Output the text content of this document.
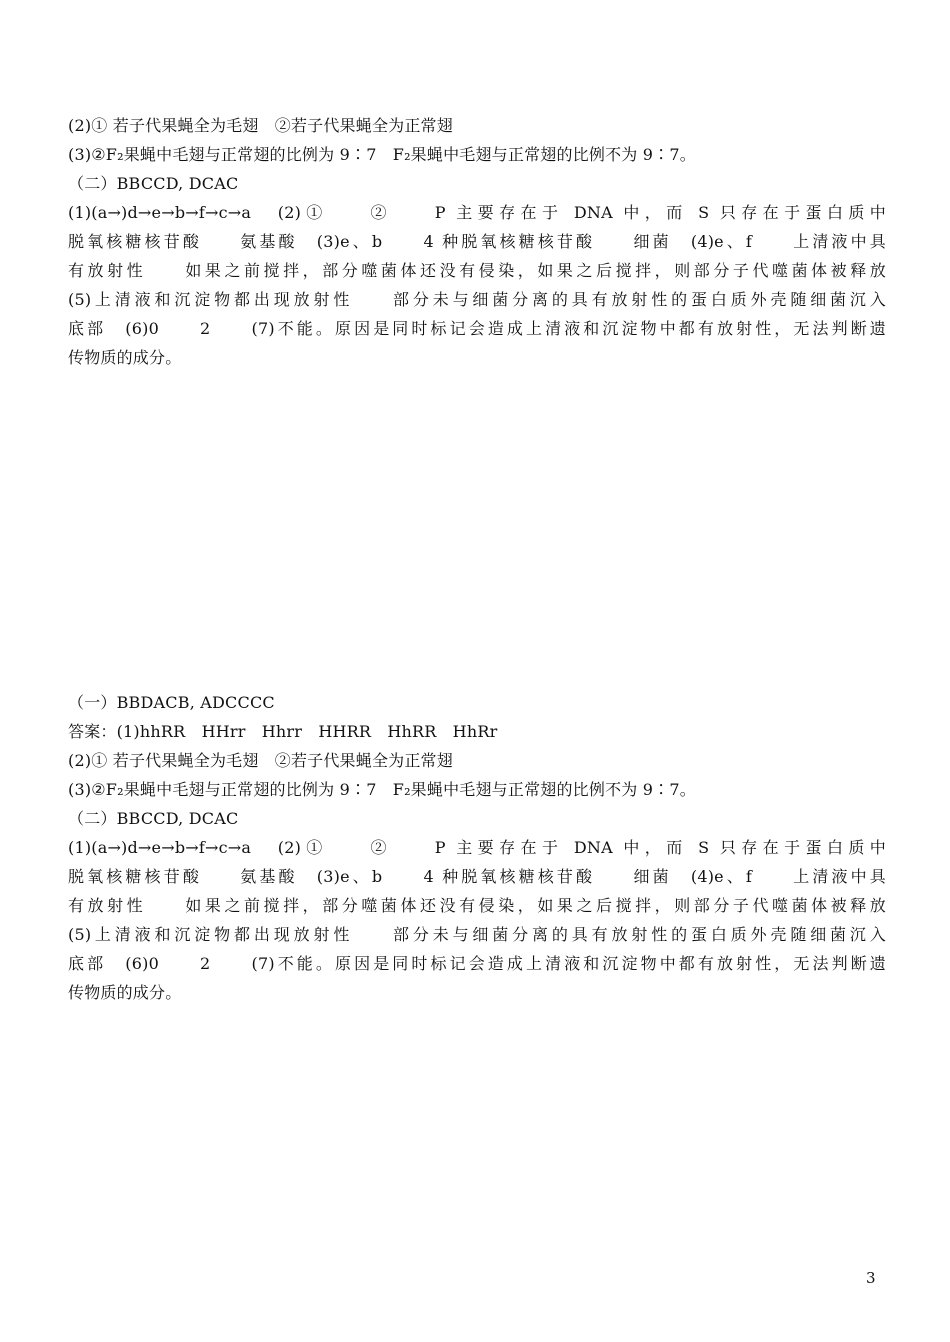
(2)① 若子代果蝇全为毛翅　②若子代果蝇全为正常翅
(3)②F₂果蝇中毛翅与正常翅的比例为 9∶7　F₂果蝇中毛翅与正常翅的比例不为 9∶7。
（二）BBCCD, DCAC
(1)(a→)d→e→b→f→c→a　(2)①　　②　　P 主要存在于 DNA 中，而 S 只存在于蛋白质中
脱氧核糖核苷酸　　氨基酸　(3)e、b　　4 种脱氧核糖核苷酸　　细菌　(4)e、f　　上清液中具
有放射性　　如果之前搅拌，部分噬菌体还没有侵染，如果之后搅拌，则部分子代噬菌体被释放
(5)上清液和沉淀物都出现放射性　　部分未与细菌分离的具有放射性的蛋白质外壳随细菌沉入
底部　(6)0　　2　　(7)不能。原因是同时标记会造成上清液和沉淀物中都有放射性，无法判断遗
传物质的成分。
（一）BBDACB, ADCCCC
答案：(1)hhRR　HHrr　Hhrr　HHRR　HhRR　HhRr
(2)① 若子代果蝇全为毛翅　②若子代果蝇全为正常翅
(3)②F₂果蝇中毛翅与正常翅的比例为 9∶7　F₂果蝇中毛翅与正常翅的比例不为 9∶7。
（二）BBCCD, DCAC
(1)(a→)d→e→b→f→c→a　(2)①　　②　　P 主要存在于 DNA 中，而 S 只存在于蛋白质中
脱氧核糖核苷酸　　氨基酸　(3)e、b　　4 种脱氧核糖核苷酸　　细菌　(4)e、f　　上清液中具
有放射性　　如果之前搅拌，部分噬菌体还没有侵染，如果之后搅拌，则部分子代噬菌体被释放
(5)上清液和沉淀物都出现放射性　　部分未与细菌分离的具有放射性的蛋白质外壳随细菌沉入
底部　(6)0　　2　　(7)不能。原因是同时标记会造成上清液和沉淀物中都有放射性，无法判断遗
传物质的成分。
3
